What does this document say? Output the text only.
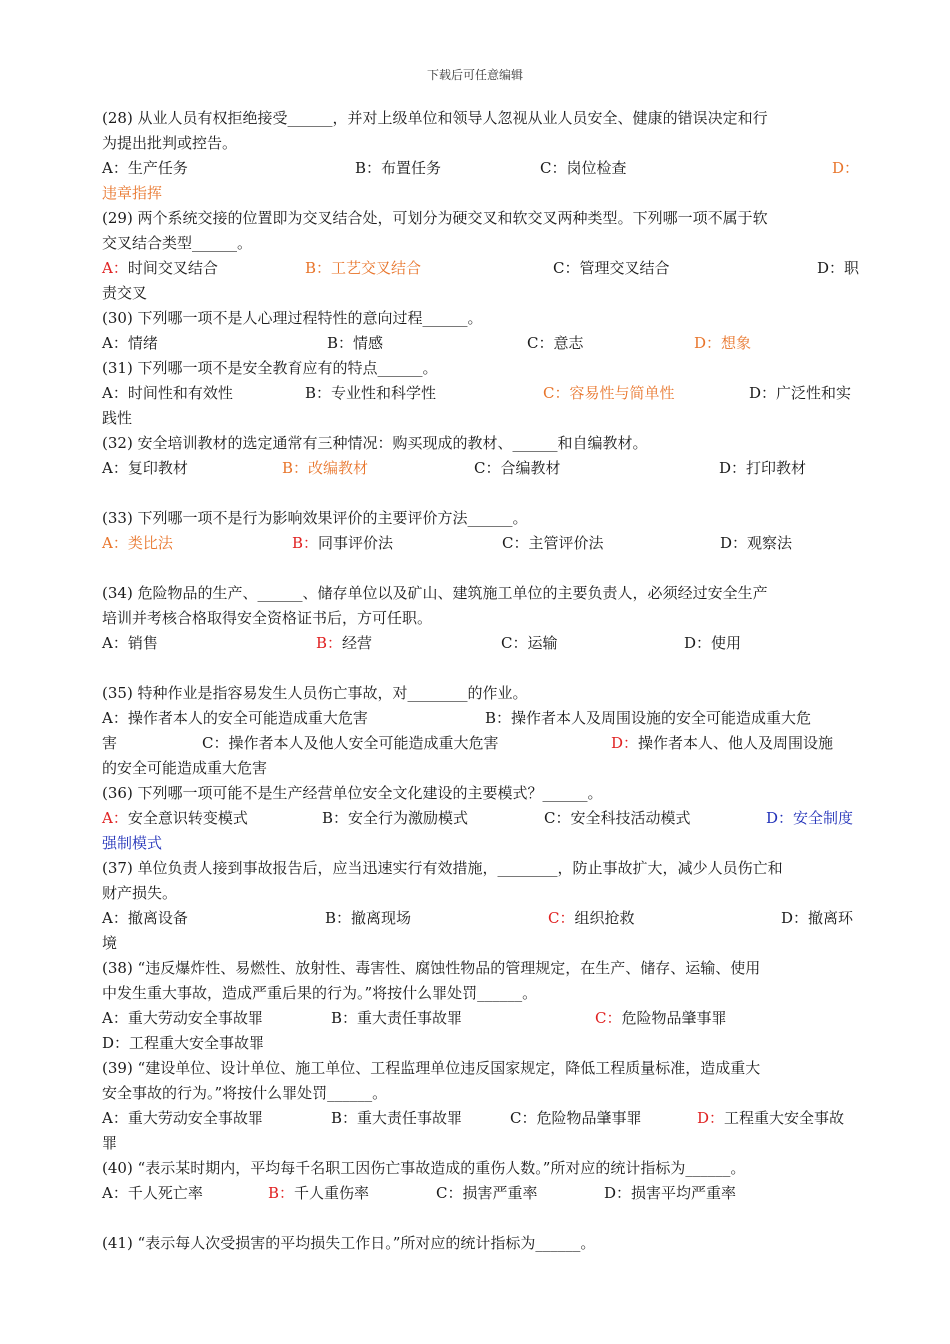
下载后可任意编辑
(28) 从业人员有权拒绝接受______，并对上级单位和领导人忽视从业人员安全、健康的错误决定和行
为提出批判或控告。
A：生产任务	B：布置任务	C：岗位检查	D：
违章指挥
(29) 两个系统交接的位置即为交叉结合处，可划分为硬交叉和软交叉两种类型。下列哪一项不属于软
交叉结合类型______。
A：时间交叉结合	B：工艺交叉结合	C：管理交叉结合	D：职
责交叉
(30) 下列哪一项不是人心理过程特性的意向过程______。
A：情绪	B：情感	C：意志	D：想象
(31) 下列哪一项不是安全教育应有的特点______。
A：时间性和有效性	B：专业性和科学性	C：容易性与简单性	D：广泛性和实
践性
(32) 安全培训教材的选定通常有三种情况：购买现成的教材、______和自编教材。
A：复印教材	B：改编教材	C：合编教材	D：打印教材
(33) 下列哪一项不是行为影响效果评价的主要评价方法______。
A：类比法	B：同事评价法	C：主管评价法	D：观察法
(34) 危险物品的生产、______、储存单位以及矿山、建筑施工单位的主要负责人，必须经过安全生产
培训并考核合格取得安全资格证书后，方可任职。
A：销售	B：经营	C：运输	D：使用
(35) 特种作业是指容易发生人员伤亡事故，对________的作业。
A：操作者本人的安全可能造成重大危害	B：操作者本人及周围设施的安全可能造成重大危
害	C：操作者本人及他人安全可能造成重大危害	D：操作者本人、他人及周围设施
的安全可能造成重大危害
(36) 下列哪一项可能不是生产经营单位安全文化建设的主要模式？______。
A：安全意识转变模式	B：安全行为激励模式	C：安全科技活动模式	D：安全制度
强制模式
(37) 单位负责人接到事故报告后，应当迅速实行有效措施，________，防止事故扩大，减少人员伤亡和
财产损失。
A：撤离设备	B：撤离现场	C：组织抢救	D：撤离环
境
(38) “违反爆炸性、易燃性、放射性、毒害性、腐蚀性物品的管理规定，在生产、储存、运输、使用
中发生重大事故，造成严重后果的行为。”将按什么罪处罚______。
A：重大劳动安全事故罪	B：重大责任事故罪	C：危险物品肇事罪
D：工程重大安全事故罪
(39) “建设单位、设计单位、施工单位、工程监理单位违反国家规定，降低工程质量标准，造成重大
安全事故的行为。”将按什么罪处罚______。
A：重大劳动安全事故罪	B：重大责任事故罪	C：危险物品肇事罪	D：工程重大安全事故
罪
(40) “表示某时期内，平均每千名职工因伤亡事故造成的重伤人数。”所对应的统计指标为______。
A：千人死亡率	B：千人重伤率	C：损害严重率	D：损害平均严重率
(41) “表示每人次受损害的平均损失工作日。”所对应的统计指标为______。
